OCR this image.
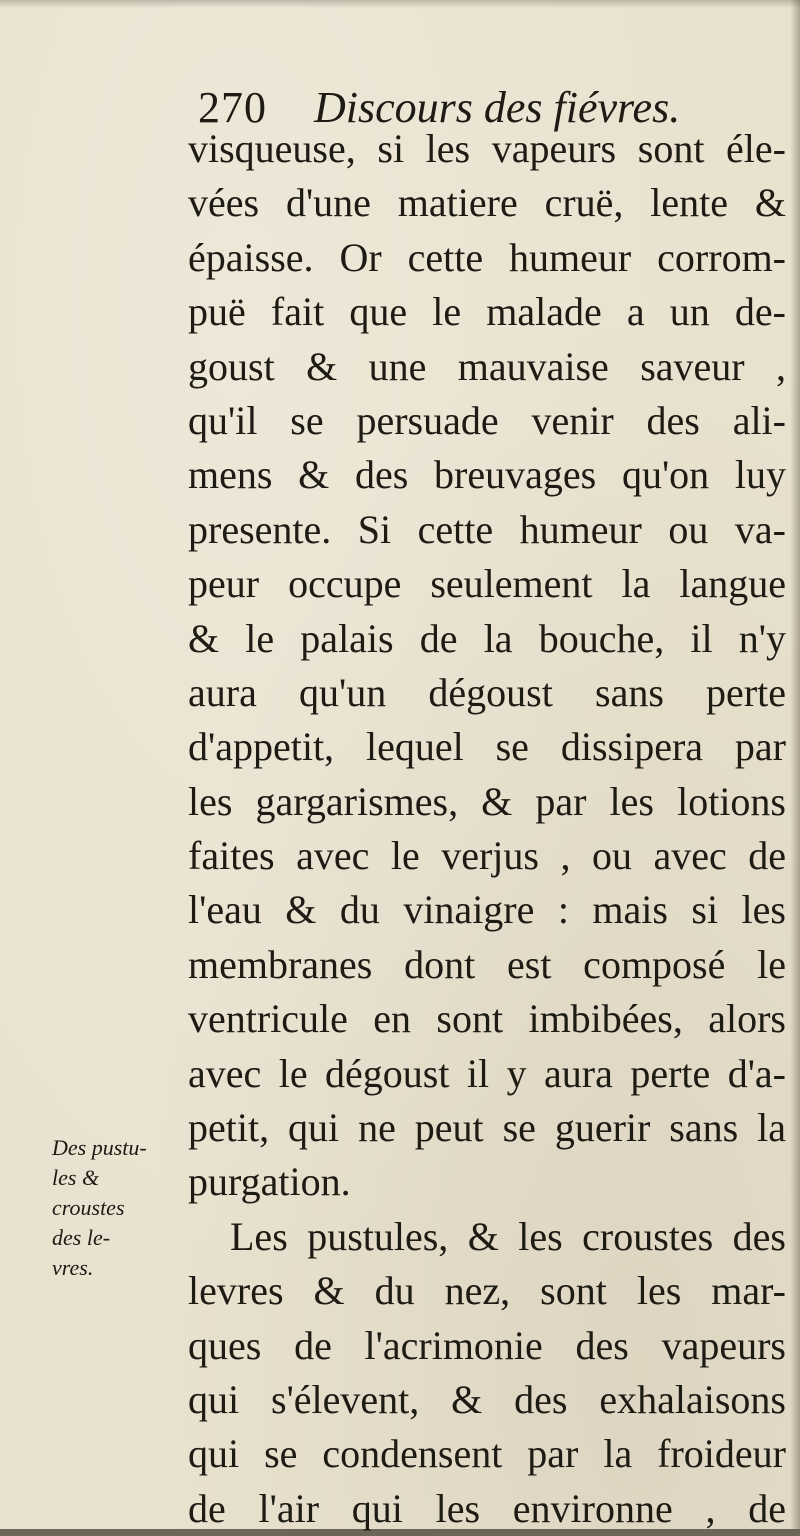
270 Discours des fiévres.
visqueuse, si les vapeurs sont éle-
vées d'une matiere cruë, lente &
épaisse. Or cette humeur corrom-
puë fait que le malade a un de-
goust & une mauvaise saveur ,
qu'il se persuade venir des ali-
mens & des breuvages qu'on luy
presente. Si cette humeur ou va-
peur occupe seulement la langue
& le palais de la bouche, il n'y
aura qu'un dégoust sans perte
d'appetit, lequel se dissipera par
les gargarismes, & par les lotions
faites avec le verjus , ou avec de
l'eau & du vinaigre : mais si les
membranes dont est composé le
ventricule en sont imbibées, alors
avec le dégoust il y aura perte d'a-
petit, qui ne peut se guerir sans la
purgation.
Les pustules, & les croustes des
levres & du nez, sont les mar-
ques de l'acrimonie des vapeurs
qui s'élevent, & des exhalaisons
qui se condensent par la froideur
de l'air qui les environne , de
Des pustu-
les &
croustes
des le-
vres.
